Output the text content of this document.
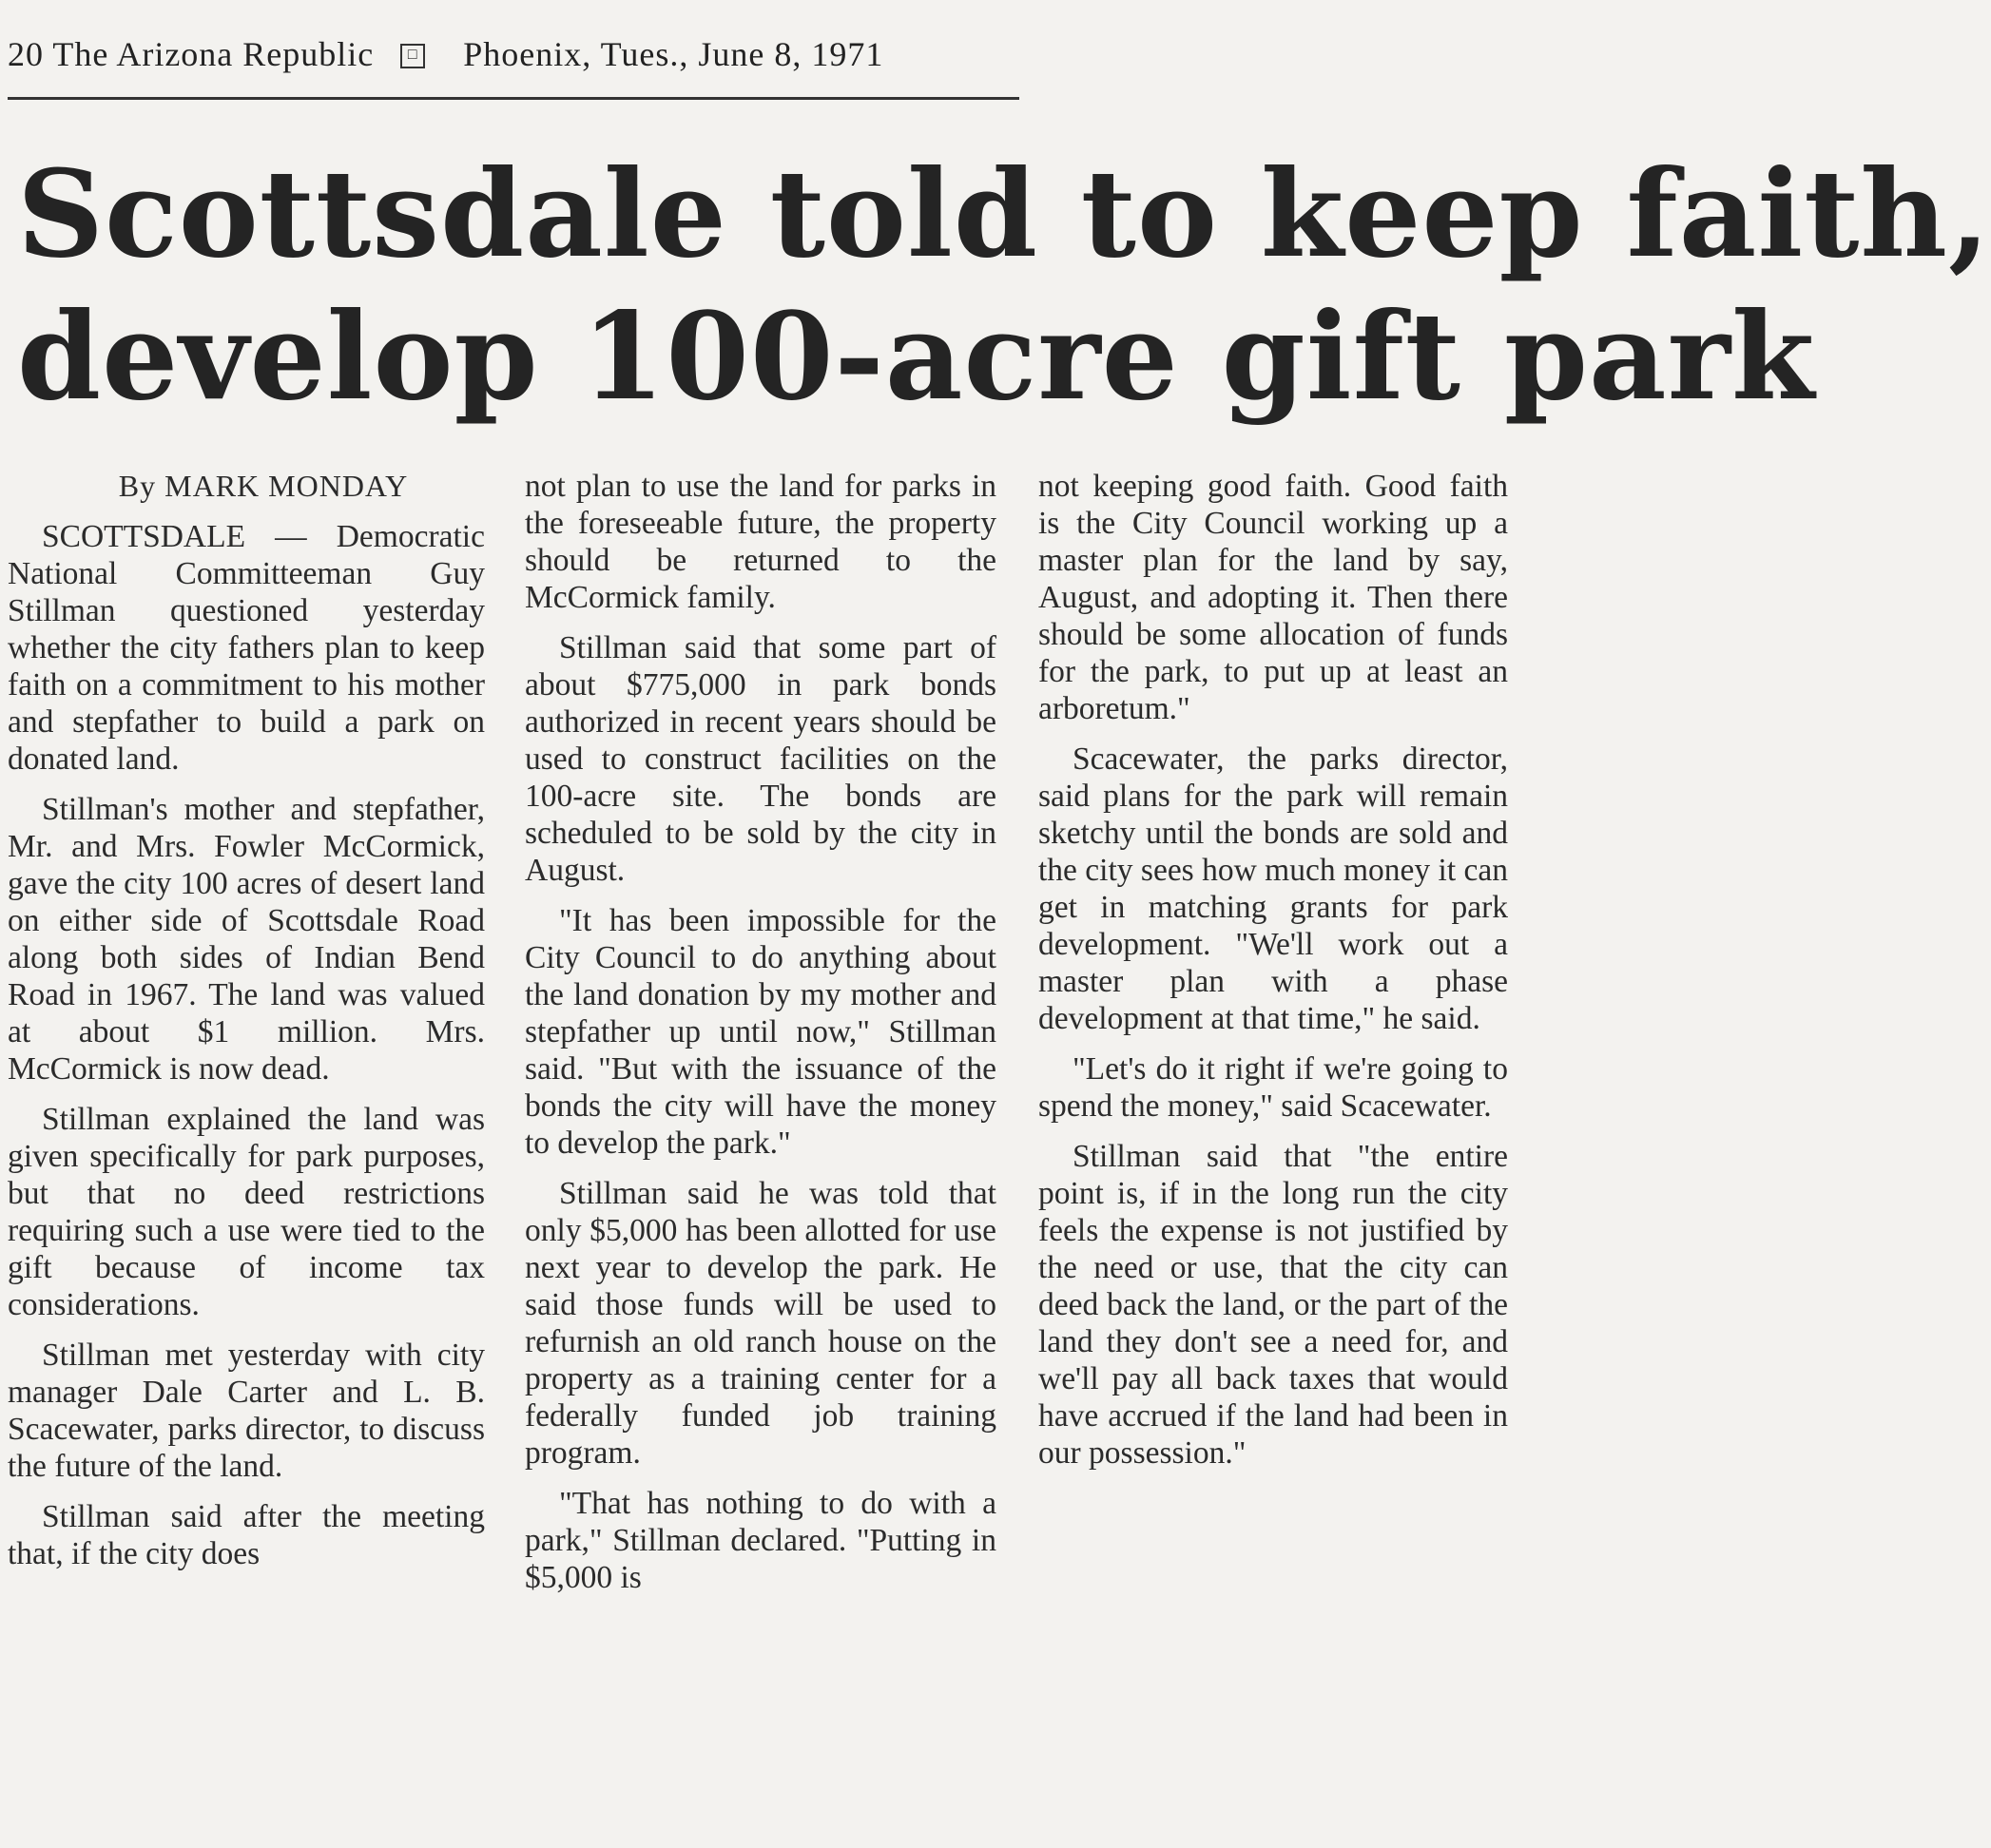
20 The Arizona Republic □ Phoenix, Tues., June 8, 1971
Scottsdale told to keep faith,
develop 100-acre gift park

By MARK MONDAY

SCOTTSDALE — Democratic National Committeeman Guy Stillman questioned yesterday whether the city fathers plan to keep faith on a commitment to his mother and stepfather to build a park on donated land.

Stillman's mother and stepfather, Mr. and Mrs. Fowler McCormick, gave the city 100 acres of desert land on either side of Scottsdale Road along both sides of Indian Bend Road in 1967. The land was valued at about $1 million. Mrs. McCormick is now dead.

Stillman explained the land was given specifically for park purposes, but that no deed restrictions requiring such a use were tied to the gift because of income tax considerations.

Stillman met yesterday with city manager Dale Carter and L. B. Scacewater, parks director, to discuss the future of the land.

Stillman said after the meeting that, if the city does

not plan to use the land for parks in the foreseeable future, the property should be returned to the McCormick family.

Stillman said that some part of about $775,000 in park bonds authorized in recent years should be used to construct facilities on the 100-acre site. The bonds are scheduled to be sold by the city in August.

"It has been impossible for the City Council to do anything about the land donation by my mother and stepfather up until now," Stillman said. "But with the issuance of the bonds the city will have the money to develop the park."

Stillman said he was told that only $5,000 has been allotted for use next year to develop the park. He said those funds will be used to refurnish an old ranch house on the property as a training center for a federally funded job training program.

"That has nothing to do with a park," Stillman declared. "Putting in $5,000 is

not keeping good faith. Good faith is the City Council working up a master plan for the land by say, August, and adopting it. Then there should be some allocation of funds for the park, to put up at least an arboretum."

Scacewater, the parks director, said plans for the park will remain sketchy until the bonds are sold and the city sees how much money it can get in matching grants for park development. "We'll work out a master plan with a phase development at that time," he said.

"Let's do it right if we're going to spend the money," said Scacewater.

Stillman said that "the entire point is, if in the long run the city feels the expense is not justified by the need or use, that the city can deed back the land, or the part of the land they don't see a need for, and we'll pay all back taxes that would have accrued if the land had been in our possession."
